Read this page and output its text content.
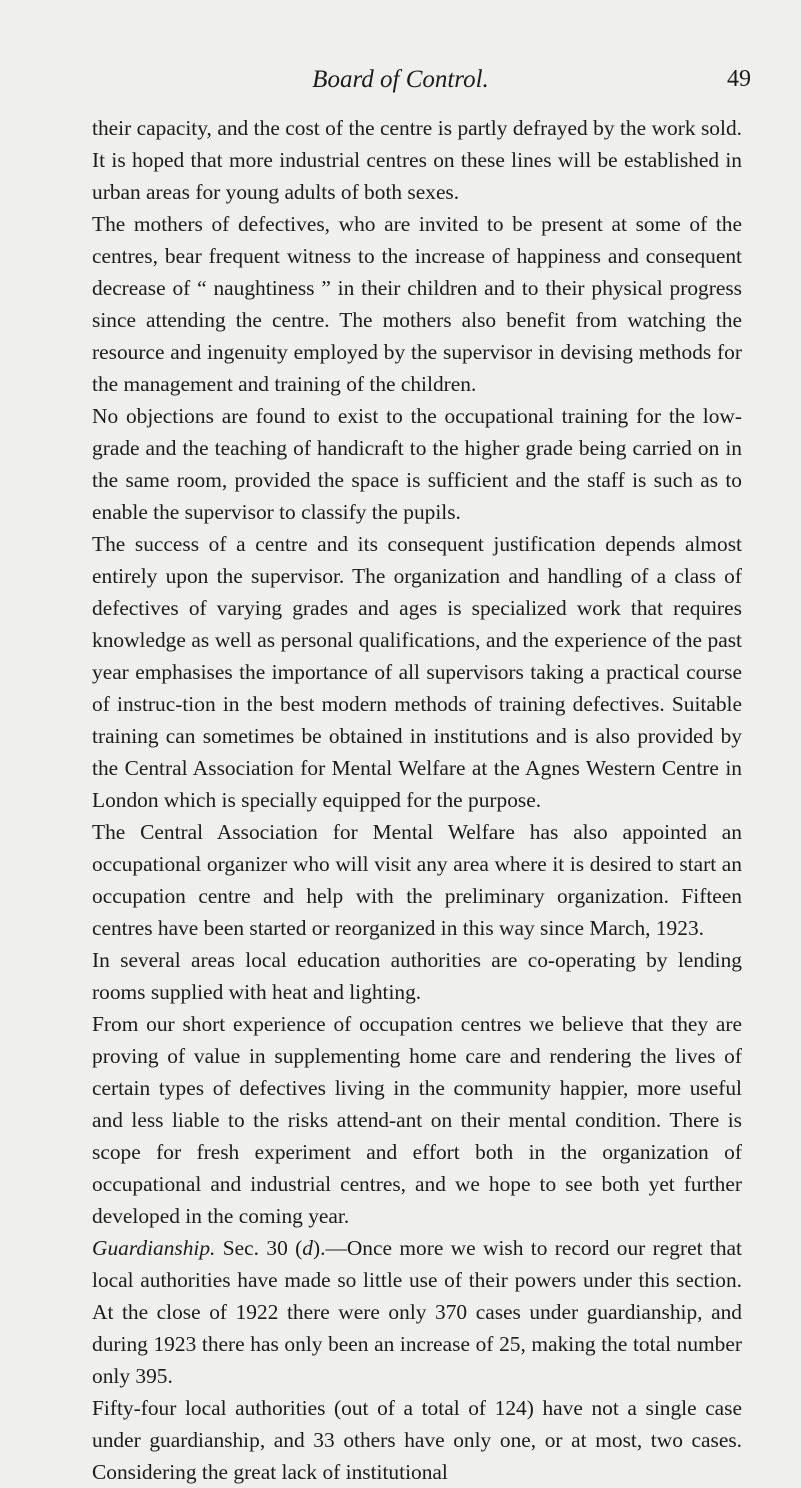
Board of Control.	49

their capacity, and the cost of the centre is partly defrayed by the work sold. It is hoped that more industrial centres on these lines will be established in urban areas for young adults of both sexes.

The mothers of defectives, who are invited to be present at some of the centres, bear frequent witness to the increase of happiness and consequent decrease of “ naughtiness ” in their children and to their physical progress since attending the centre. The mothers also benefit from watching the resource and ingenuity employed by the supervisor in devising methods for the management and training of the children.

No objections are found to exist to the occupational training for the low-grade and the teaching of handicraft to the higher grade being carried on in the same room, provided the space is sufficient and the staff is such as to enable the supervisor to classify the pupils.

The success of a centre and its consequent justification depends almost entirely upon the supervisor. The organization and handling of a class of defectives of varying grades and ages is specialized work that requires knowledge as well as personal qualifications, and the experience of the past year emphasises the importance of all supervisors taking a practical course of instruc-tion in the best modern methods of training defectives. Suitable training can sometimes be obtained in institutions and is also provided by the Central Association for Mental Welfare at the Agnes Western Centre in London which is specially equipped for the purpose.

The Central Association for Mental Welfare has also appointed an occupational organizer who will visit any area where it is desired to start an occupation centre and help with the preliminary organization. Fifteen centres have been started or reorganized in this way since March, 1923.

In several areas local education authorities are co-operating by lending rooms supplied with heat and lighting.

From our short experience of occupation centres we believe that they are proving of value in supplementing home care and rendering the lives of certain types of defectives living in the community happier, more useful and less liable to the risks attend-ant on their mental condition. There is scope for fresh experiment and effort both in the organization of occupational and industrial centres, and we hope to see both yet further developed in the coming year.

Guardianship. Sec. 30 (d).—Once more we wish to record our regret that local authorities have made so little use of their powers under this section. At the close of 1922 there were only 370 cases under guardianship, and during 1923 there has only been an increase of 25, making the total number only 395.

Fifty-four local authorities (out of a total of 124) have not a single case under guardianship, and 33 others have only one, or at most, two cases. Considering the great lack of institutional
